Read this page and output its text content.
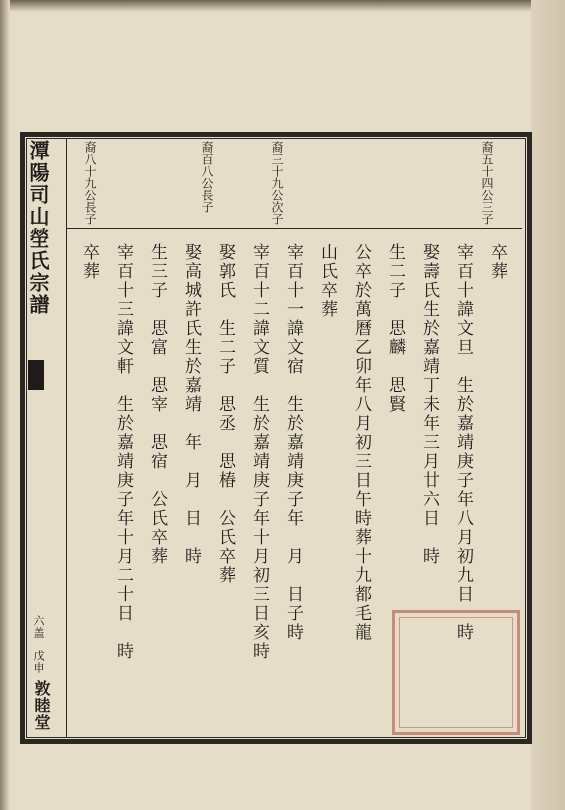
潭陽司山塋氏宗譜	裔五十四公三子
裔三十九公次子
裔八十九公長子	裔百八公長子
卒葬
宰百十諱文旦　生於嘉靖庚子年八月初九日　時
娶壽氏生於嘉靖丁未年三月廿六日　時
生二子　思麟　思賢
公卒於萬曆乙卯年八月初三日午時葬十九都毛龍
山氏卒葬
宰百十一諱文宿　生於嘉靖庚子年　月　日子時
宰百十二諱文質　生於嘉靖庚子年十月初三日亥時
娶郭氏　生二子　思丞　思椿　公氏卒葬
娶高城許氏生於嘉靖　年　月　日　時
生三子　思富　思宰　思宿　公氏卒葬
宰百十三諱文軒　生於嘉靖庚子年十月二十日　時
卒葬
六盖
戊申
敦睦堂
